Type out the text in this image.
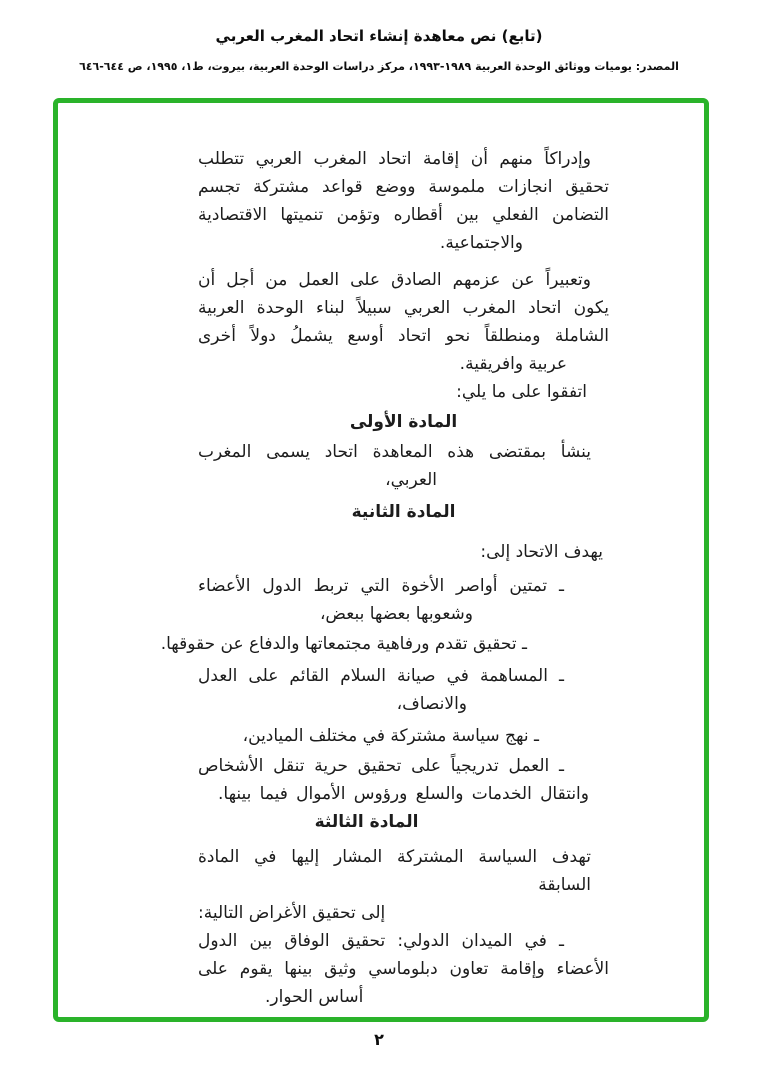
(تابع) نص معاهدة إنشاء اتحاد المغرب العربي
المصدر: يوميات ووثائق الوحدة العربية ١٩٨٩-١٩٩٣، مركز دراسات الوحدة العربية، بيروت، ط١، ١٩٩٥، ص ٦٤٤-٦٤٦
وإدراكاً منهم أن إقامة اتحاد المغرب العربي تتطلب
تحقيق انجازات ملموسة ووضع قواعد مشتركة تجسم
التضامن الفعلي بين أقطاره وتؤمن تنميتها الاقتصادية
والاجتماعية.
وتعبيراً عن عزمهم الصادق على العمل من أجل أن
يكون اتحاد المغرب العربي سبيلاً لبناء الوحدة العربية
الشاملة ومنطلقاً نحو اتحاد أوسع يشملُ دولاً أخرى
عربية وافريقية.
اتفقوا على ما يلي:
المادة الأولى
ينشأ بمقتضى هذه المعاهدة اتحاد يسمى المغرب
العربي،
المادة الثانية
يهدف الاتحاد إلى:
ـ تمتين أواصر الأخوة التي تربط الدول الأعضاء
وشعوبها بعضها ببعض،
ـ تحقيق تقدم ورفاهية مجتمعاتها والدفاع عن حقوقها.
ـ المساهمة في صيانة السلام القائم على العدل
والانصاف،
ـ نهج سياسة مشتركة في مختلف الميادين،
ـ العمل تدريجياً على تحقيق حرية تنقل الأشخاص
وانتقال الخدمات والسلع ورؤوس الأموال فيما بينها.
المادة الثالثة
تهدف السياسة المشتركة المشار إليها في المادة السابقة
إلى تحقيق الأغراض التالية:
ـ في الميدان الدولي: تحقيق الوفاق بين الدول
الأعضاء وإقامة تعاون دبلوماسي وثيق بينها يقوم على
أساس الحوار.
٢
